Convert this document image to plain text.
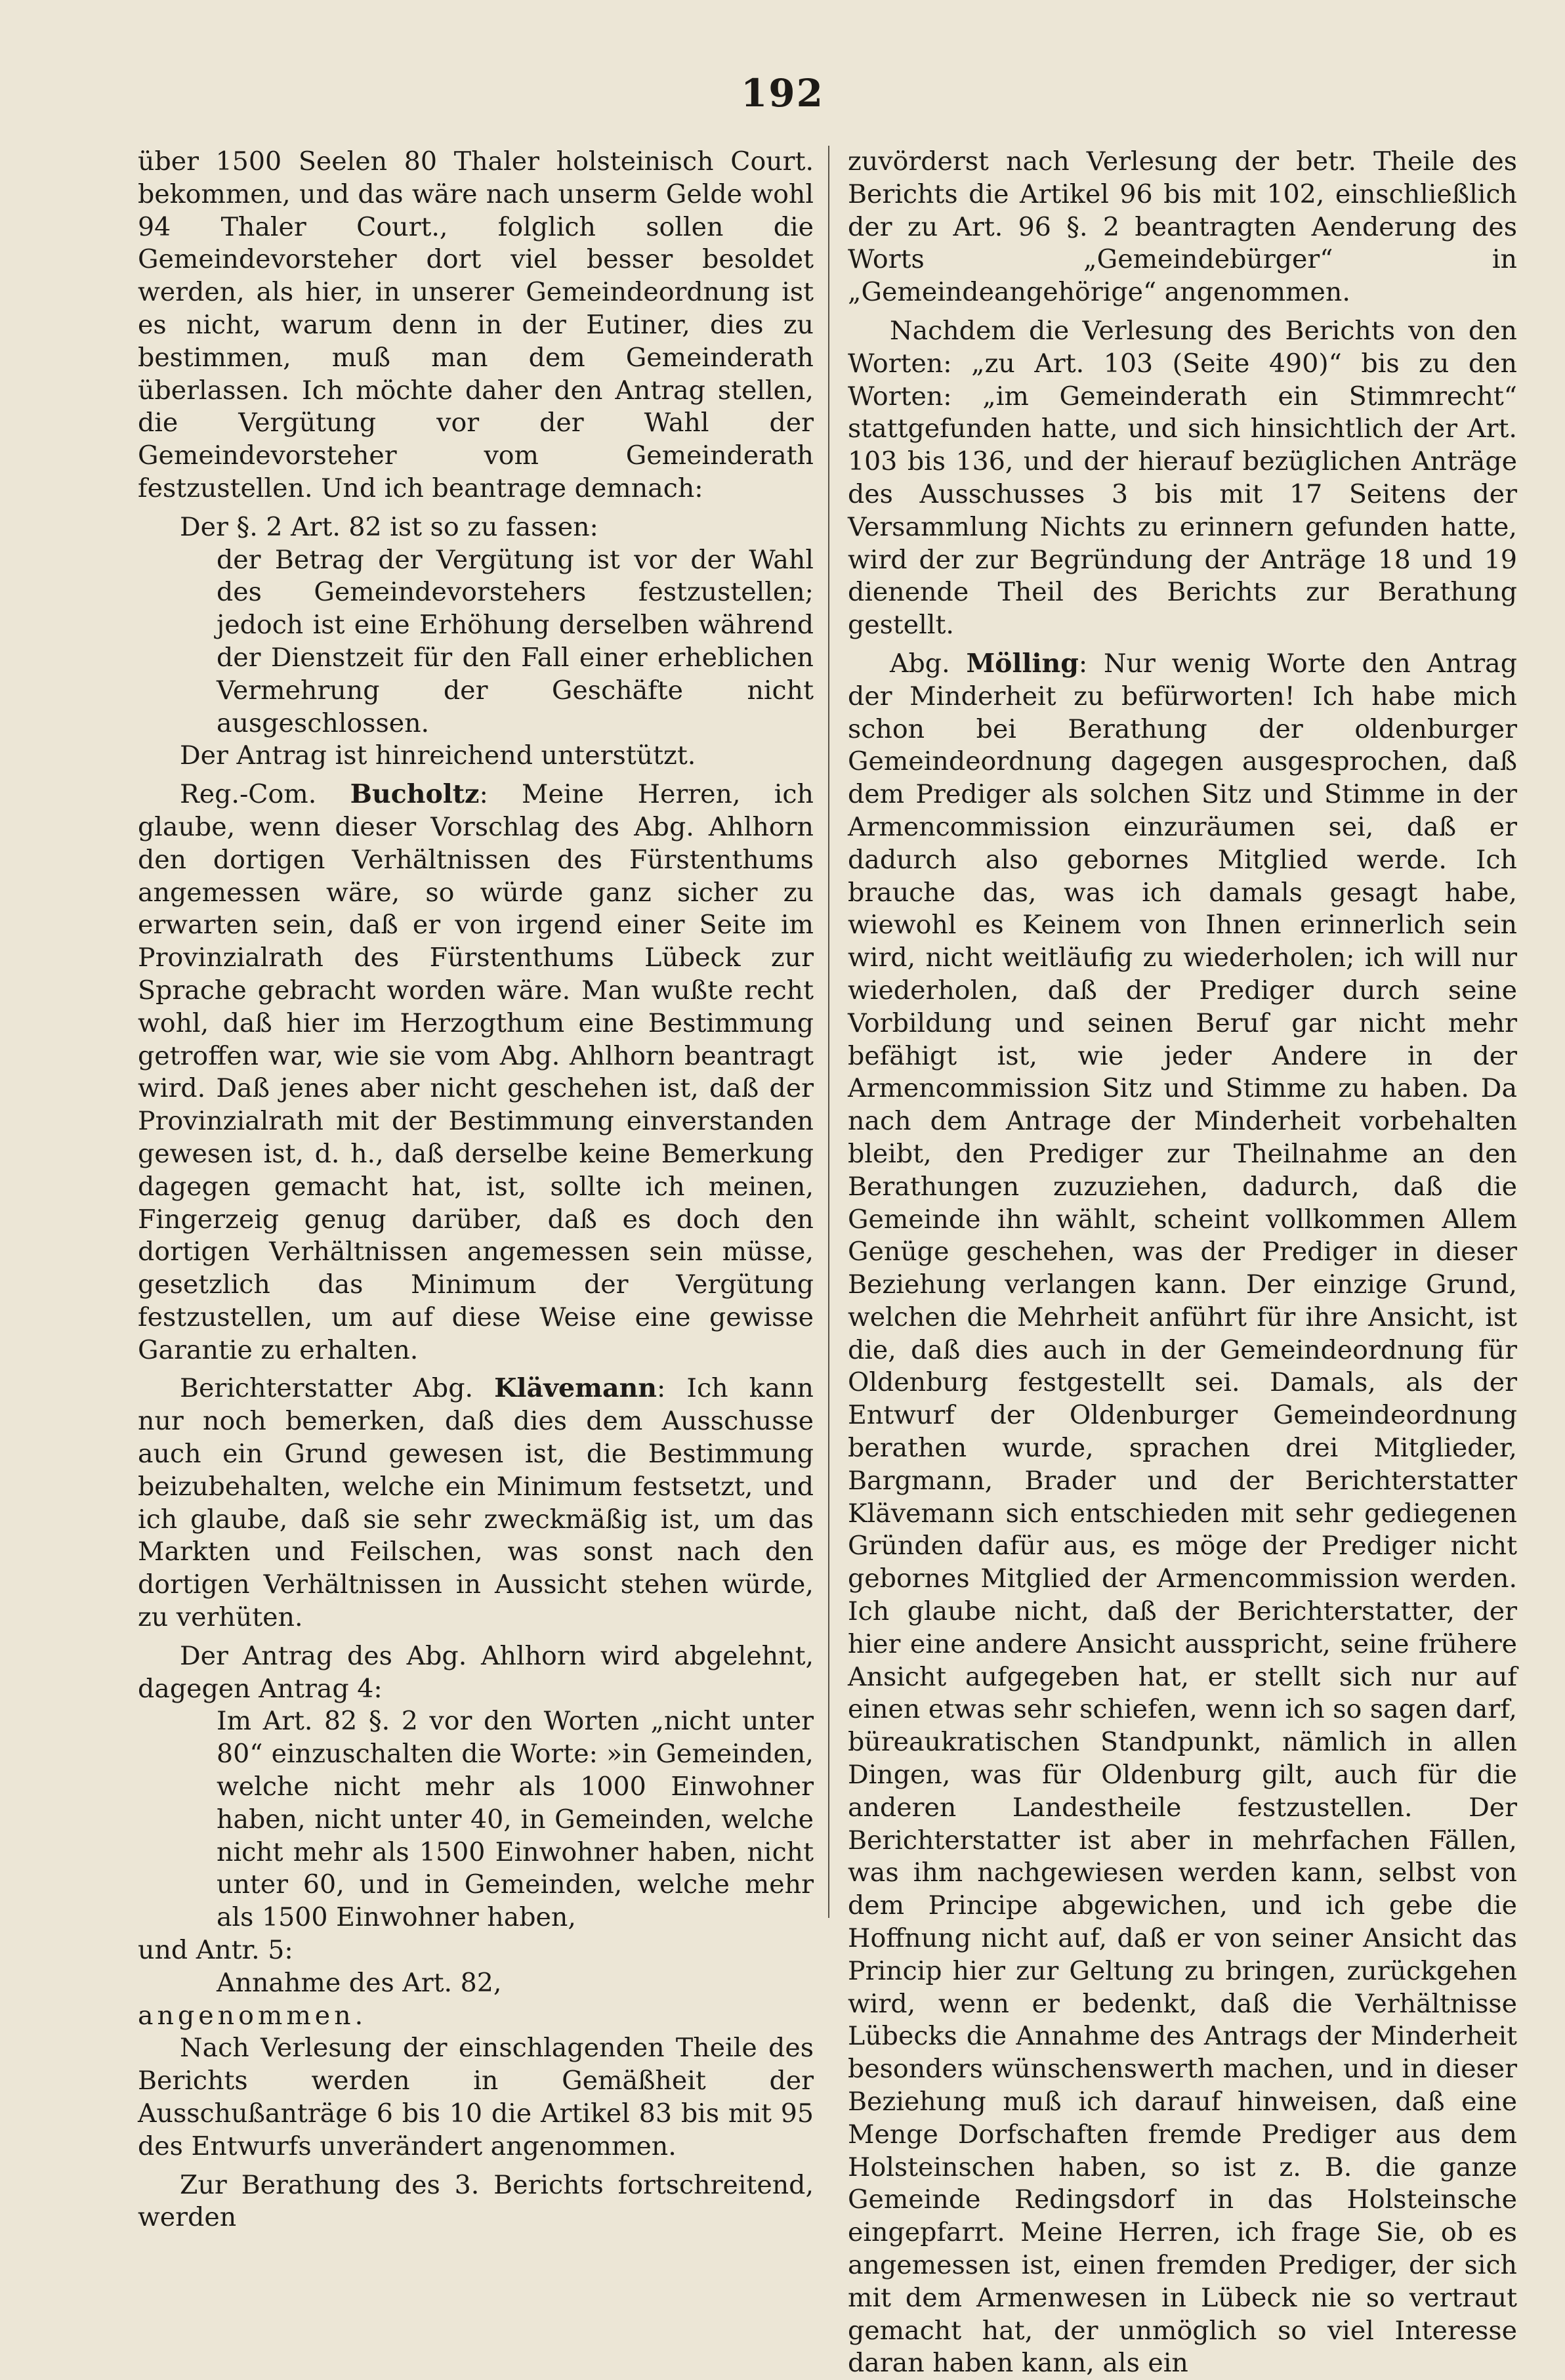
192

über 1500 Seelen 80 Thaler holsteinisch Court. bekommen, und das wäre nach unserm Gelde wohl 94 Thaler Court., folglich sollen die Gemeindevorsteher dort viel besser besoldet werden, als hier, in unserer Gemeindeordnung ist es nicht, warum denn in der Eutiner, dies zu bestimmen, muß man dem Gemeinderath überlassen. Ich möchte daher den Antrag stellen, die Vergütung vor der Wahl der Gemeindevorsteher vom Gemeinderath festzustellen. Und ich beantrage demnach:

Der §. 2 Art. 82 ist so zu fassen:

der Betrag der Vergütung ist vor der Wahl des Gemeindevorstehers festzustellen; jedoch ist eine Erhöhung derselben während der Dienstzeit für den Fall einer erheblichen Vermehrung der Geschäfte nicht ausgeschlossen.

Der Antrag ist hinreichend unterstützt.

Reg.-Com. Bucholtz: Meine Herren, ich glaube, wenn dieser Vorschlag des Abg. Ahlhorn den dortigen Verhältnissen des Fürstenthums angemessen wäre, so würde ganz sicher zu erwarten sein, daß er von irgend einer Seite im Provinzialrath des Fürstenthums Lübeck zur Sprache gebracht worden wäre. Man wußte recht wohl, daß hier im Herzogthum eine Bestimmung getroffen war, wie sie vom Abg. Ahlhorn beantragt wird. Daß jenes aber nicht geschehen ist, daß der Provinzialrath mit der Bestimmung einverstanden gewesen ist, d. h., daß derselbe keine Bemerkung dagegen gemacht hat, ist, sollte ich meinen, Fingerzeig genug darüber, daß es doch den dortigen Verhältnissen angemessen sein müsse, gesetzlich das Minimum der Vergütung festzustellen, um auf diese Weise eine gewisse Garantie zu erhalten.

Berichterstatter Abg. Klävemann: Ich kann nur noch bemerken, daß dies dem Ausschusse auch ein Grund gewesen ist, die Bestimmung beizubehalten, welche ein Minimum festsetzt, und ich glaube, daß sie sehr zweckmäßig ist, um das Markten und Feilschen, was sonst nach den dortigen Verhältnissen in Aussicht stehen würde, zu verhüten.

Der Antrag des Abg. Ahlhorn wird abgelehnt, dagegen Antrag 4:

Im Art. 82 §. 2 vor den Worten „nicht unter 80“ einzuschalten die Worte: »in Gemeinden, welche nicht mehr als 1000 Einwohner haben, nicht unter 40, in Gemeinden, welche nicht mehr als 1500 Einwohner haben, nicht unter 60, und in Gemeinden, welche mehr als 1500 Einwohner haben,

und Antr. 5:

Annahme des Art. 82,

angenommen.

Nach Verlesung der einschlagenden Theile des Berichts werden in Gemäßheit der Ausschußanträge 6 bis 10 die Artikel 83 bis mit 95 des Entwurfs unverändert angenommen.

Zur Berathung des 3. Berichts fortschreitend, werden

zuvörderst nach Verlesung der betr. Theile des Berichts die Artikel 96 bis mit 102, einschließlich der zu Art. 96 §. 2 beantragten Aenderung des Worts „Gemeindebürger“ in „Gemeindeangehörige“ angenommen.

Nachdem die Verlesung des Berichts von den Worten: „zu Art. 103 (Seite 490)“ bis zu den Worten: „im Gemeinderath ein Stimmrecht“ stattgefunden hatte, und sich hinsichtlich der Art. 103 bis 136, und der hierauf bezüglichen Anträge des Ausschusses 3 bis mit 17 Seitens der Versammlung Nichts zu erinnern gefunden hatte, wird der zur Begründung der Anträge 18 und 19 dienende Theil des Berichts zur Berathung gestellt.

Abg. Mölling: Nur wenig Worte den Antrag der Minderheit zu befürworten! Ich habe mich schon bei Berathung der oldenburger Gemeindeordnung dagegen ausgesprochen, daß dem Prediger als solchen Sitz und Stimme in der Armencommission einzuräumen sei, daß er dadurch also gebornes Mitglied werde. Ich brauche das, was ich damals gesagt habe, wiewohl es Keinem von Ihnen erinnerlich sein wird, nicht weitläufig zu wiederholen; ich will nur wiederholen, daß der Prediger durch seine Vorbildung und seinen Beruf gar nicht mehr befähigt ist, wie jeder Andere in der Armencommission Sitz und Stimme zu haben. Da nach dem Antrage der Minderheit vorbehalten bleibt, den Prediger zur Theilnahme an den Berathungen zuzuziehen, dadurch, daß die Gemeinde ihn wählt, scheint vollkommen Allem Genüge geschehen, was der Prediger in dieser Beziehung verlangen kann. Der einzige Grund, welchen die Mehrheit anführt für ihre Ansicht, ist die, daß dies auch in der Gemeindeordnung für Oldenburg festgestellt sei. Damals, als der Entwurf der Oldenburger Gemeindeordnung berathen wurde, sprachen drei Mitglieder, Bargmann, Brader und der Berichterstatter Klävemann sich entschieden mit sehr gediegenen Gründen dafür aus, es möge der Prediger nicht gebornes Mitglied der Armencommission werden. Ich glaube nicht, daß der Berichterstatter, der hier eine andere Ansicht ausspricht, seine frühere Ansicht aufgegeben hat, er stellt sich nur auf einen etwas sehr schiefen, wenn ich so sagen darf, büreaukratischen Standpunkt, nämlich in allen Dingen, was für Oldenburg gilt, auch für die anderen Landestheile festzustellen. Der Berichterstatter ist aber in mehrfachen Fällen, was ihm nachgewiesen werden kann, selbst von dem Principe abgewichen, und ich gebe die Hoffnung nicht auf, daß er von seiner Ansicht das Princip hier zur Geltung zu bringen, zurückgehen wird, wenn er bedenkt, daß die Verhältnisse Lübecks die Annahme des Antrags der Minderheit besonders wünschenswerth machen, und in dieser Beziehung muß ich darauf hinweisen, daß eine Menge Dorfschaften fremde Prediger aus dem Holsteinschen haben, so ist z. B. die ganze Gemeinde Redingsdorf in das Holsteinsche eingepfarrt. Meine Herren, ich frage Sie, ob es angemessen ist, einen fremden Prediger, der sich mit dem Armenwesen in Lübeck nie so vertraut gemacht hat, der unmöglich so viel Interesse daran haben kann, als ein
